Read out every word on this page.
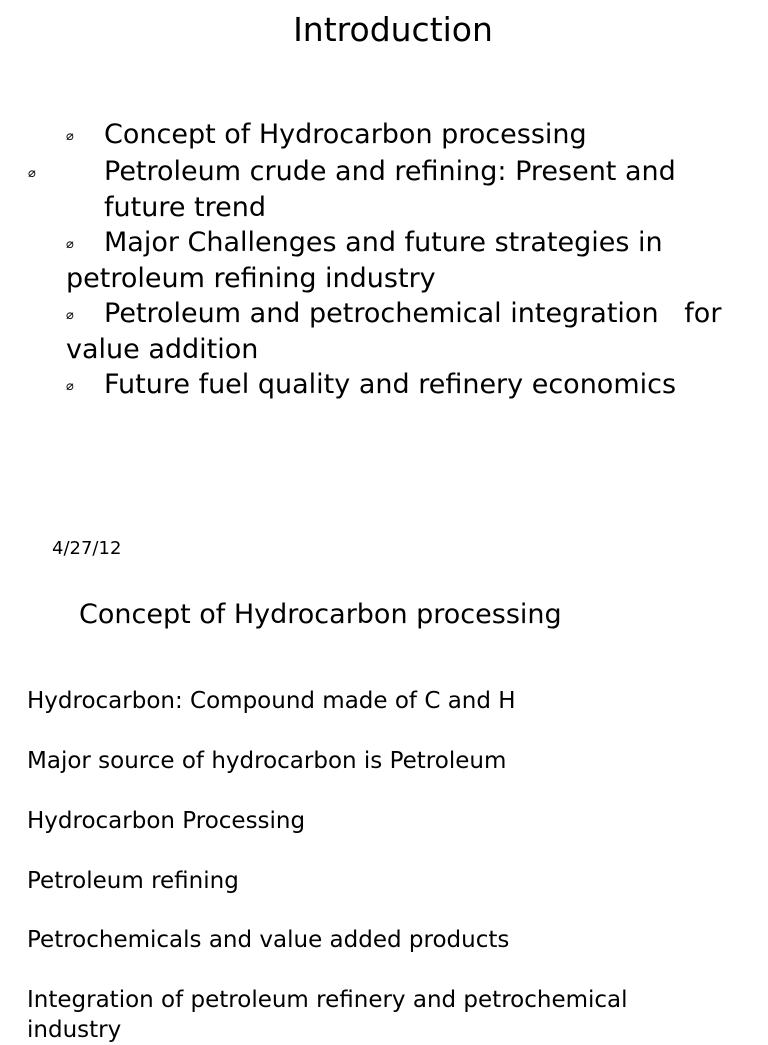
Introduction
⌀ Concept of Hydrocarbon processing
⌀	Petroleum crude and refining: Present and future trend
⌀ Major Challenges and future strategies in petroleum refining industry
⌀ Petroleum and petrochemical integration   for value addition
⌀ Future fuel quality and refinery economics
4/27/12
Concept of Hydrocarbon processing
Hydrocarbon: Compound made of C and H
Major source of hydrocarbon is Petroleum
Hydrocarbon Processing
Petroleum refining
Petrochemicals and value added products
Integration of petroleum refinery and petrochemical industry
